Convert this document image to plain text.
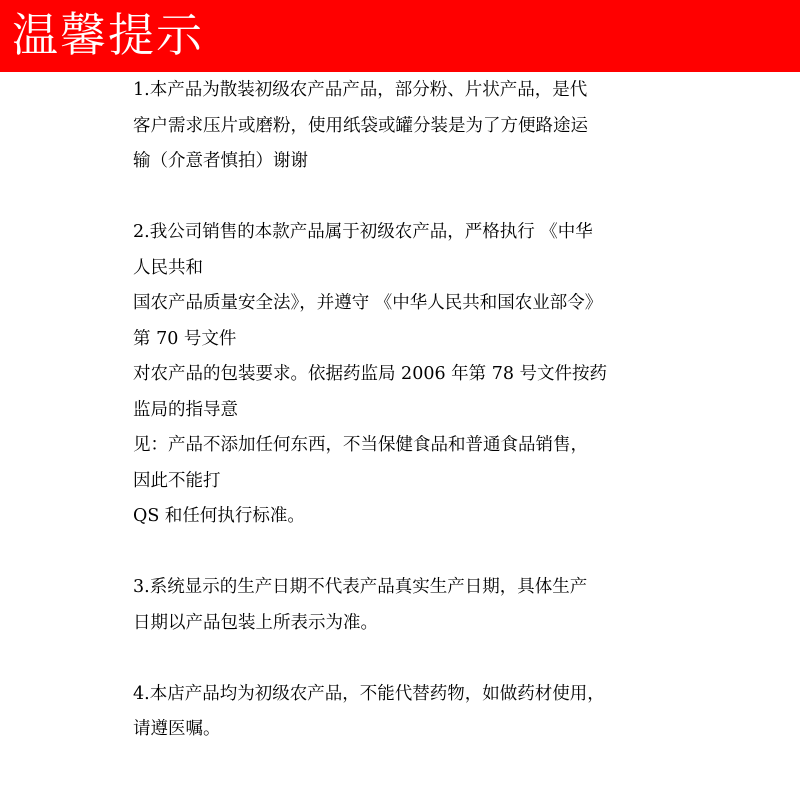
温馨提示
1.本产品为散装初级农产品产品，部分粉、片状产品，是代
客户需求压片或磨粉，使用纸袋或罐分装是为了方便路途运
输（介意者慎拍）谢谢
2.我公司销售的本款产品属于初级农产品，严格执行 《中华
人民共和
国农产品质量安全法》，并遵守 《中华人民共和国农业部令》
第 70 号文件
对农产品的包装要求。依据药监局 2006 年第 78 号文件按药
监局的指导意
见：产品不添加任何东西，不当保健食品和普通食品销售，
因此不能打
QS 和任何执行标准。
3.系统显示的生产日期不代表产品真实生产日期，具体生产
日期以产品包装上所表示为准。
4.本店产品均为初级农产品，不能代替药物，如做药材使用，
请遵医嘱。
